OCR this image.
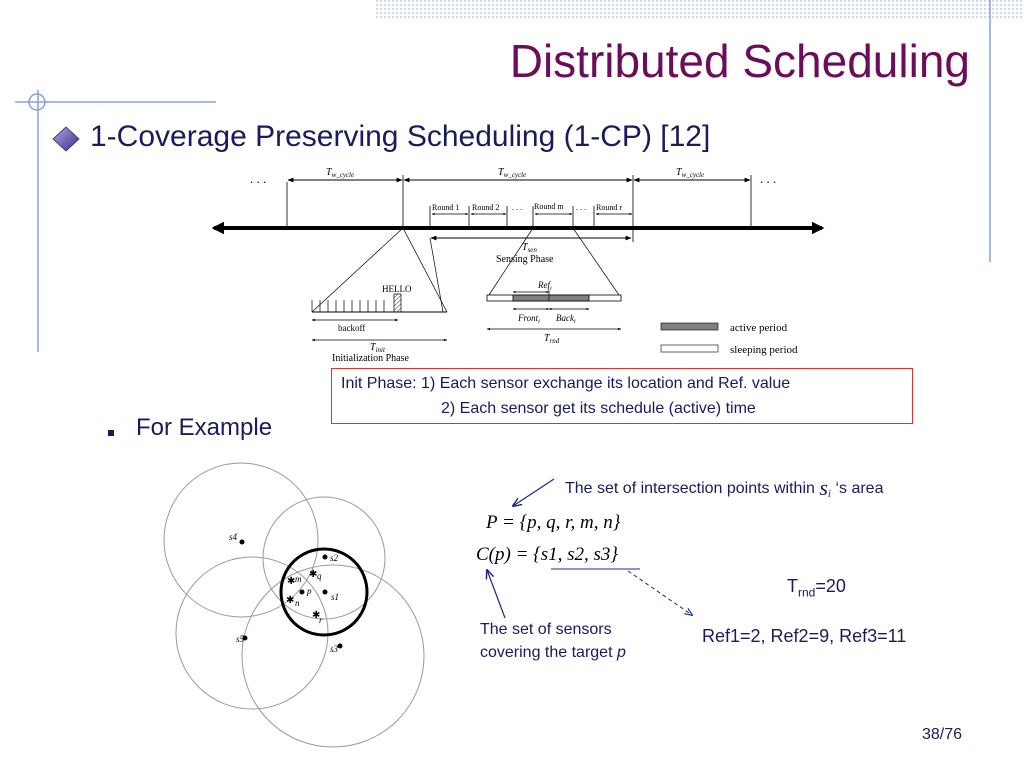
Distributed Scheduling
1-Coverage Preserving Scheduling (1-CP) [12]
. . .	. . .
$T_{w\_cycle}$	$T_{w\_cycle}$	$T_{w\_cycle}$
Round 1 Round 2 . . . Round m . . . Round r
$T_{sen}$
Sensing Phase
HELLO
backoff
$T_{init}$
Initialization Phase
Ref$_i$
Front$_i$ Back$_i$
$T_{rnd}$
active period
sleeping period
Init Phase: 1) Each sensor exchange its location and Ref. value
2) Each sensor get its schedule (active) time
For Example
s4
s2
s1
s5
s3
✱
✱
✱
✱
m
n
p
q
r
The set of intersection points within $s_i$ ‘s area
P = {p, q, r, m, n}
C(p) = {s1, s2, s3}
$T_{rnd}=20$
The set of sensors
covering the target p
Ref1=2, Ref2=9, Ref3=11
38/76
